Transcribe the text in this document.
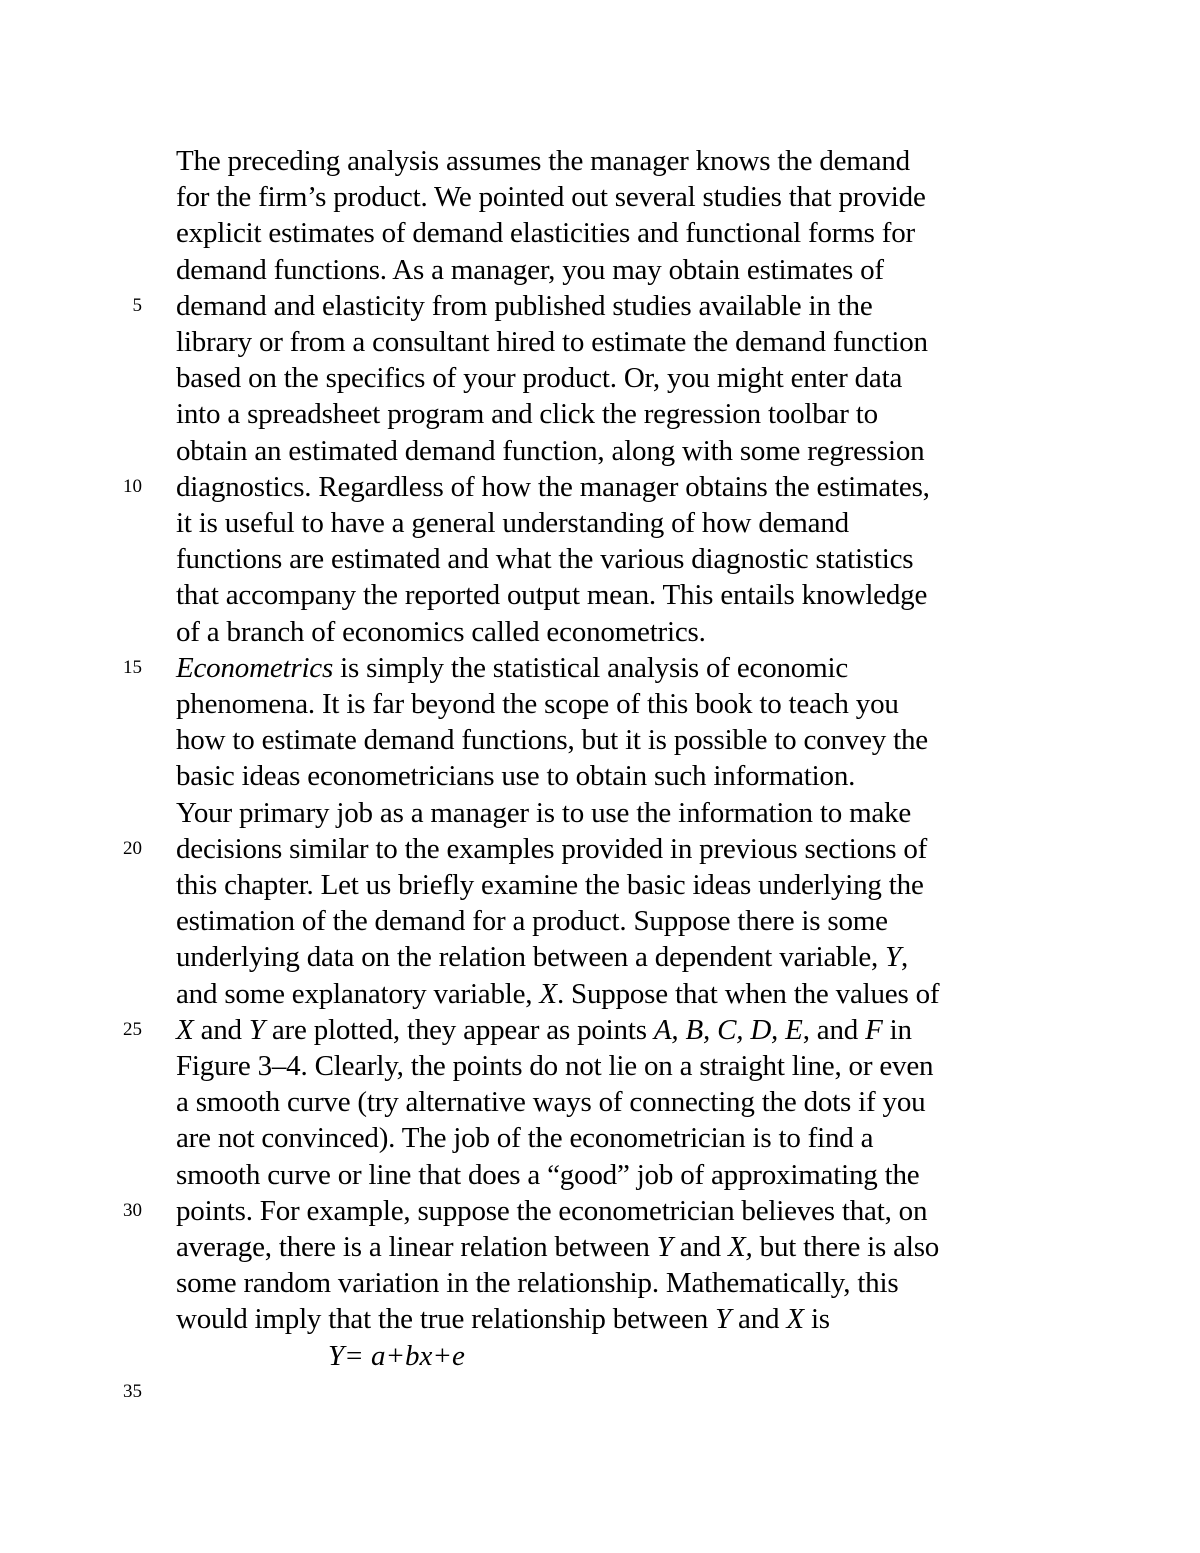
The preceding analysis assumes the manager knows the demand
for the firm’s product. We pointed out several studies that provide
explicit estimates of demand elasticities and functional forms for
demand functions. As a manager, you may obtain estimates of
demand and elasticity from published studies available in the
library or from a consultant hired to estimate the demand function
based on the specifics of your product. Or, you might enter data
into a spreadsheet program and click the regression toolbar to
obtain an estimated demand function, along with some regression
diagnostics. Regardless of how the manager obtains the estimates,
it is useful to have a general understanding of how demand
functions are estimated and what the various diagnostic statistics
that accompany the reported output mean. This entails knowledge
of a branch of economics called econometrics.
Econometrics is simply the statistical analysis of economic
phenomena. It is far beyond the scope of this book to teach you
how to estimate demand functions, but it is possible to convey the
basic ideas econometricians use to obtain such information.
Your primary job as a manager is to use the information to make
decisions similar to the examples provided in previous sections of
this chapter. Let us briefly examine the basic ideas underlying the
estimation of the demand for a product. Suppose there is some
underlying data on the relation between a dependent variable, Y,
and some explanatory variable, X. Suppose that when the values of
X and Y are plotted, they appear as points A, B, C, D, E, and F in
Figure 3–4. Clearly, the points do not lie on a straight line, or even
a smooth curve (try alternative ways of connecting the dots if you
are not convinced). The job of the econometrician is to find a
smooth curve or line that does a “good” job of approximating the
points. For example, suppose the econometrician believes that, on
average, there is a linear relation between Y and X, but there is also
some random variation in the relationship. Mathematically, this
would imply that the true relationship between Y and X is
Y= a+bx+e
5
10
15
20
25
30
35
